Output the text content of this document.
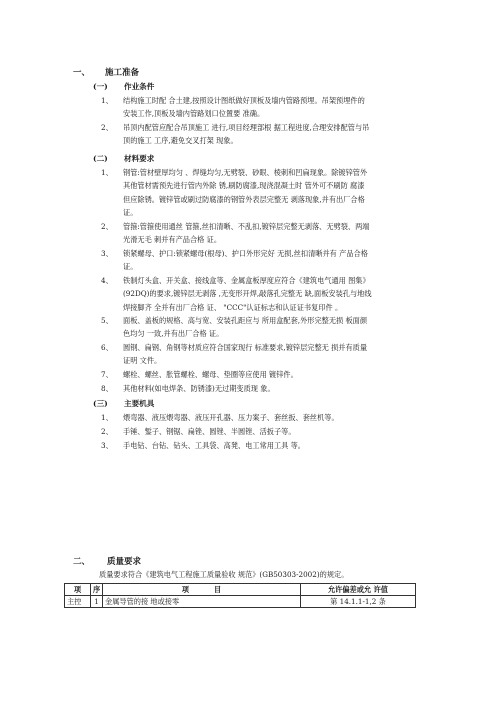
一、 施工准备
(一) 作业条件
1、	结构施工时配 合土建,按照设计图纸做好顶板及墙内管路预埋。吊架预埋件的
安装工作,顶板及墙内管路划口位置要 准确。
2、	吊顶内配管应配合吊顶施工 进行,项目经理部根 据工程进度,合理安排配管与吊
顶的施工 工序,避免交叉打架 现象。
(二) 材料要求
1、	钢管:管材壁厚均匀 、焊缝均匀,无劈裂、砂眼、棱刺和凹扁现象。除镀锌管外
其他管材需预先进行管内外除 锈,刷防腐漆,现浇混凝土时 管外可不刷防 腐漆
但应除锈。镀锌管或刷过防腐漆的钢管外表层完整无 剥落现象,并有出厂合格
证。
2、	管箍:管箍使用通丝 管箍,丝扣清晰、不乱扣,镀锌层完整无剥落、无劈裂、两端
光滑无毛 刺并有产品合格 证。
3、	锁紧螺母、护口:锁紧螺母(根母)、护口外形完好 无损,丝扣清晰并有 产品合格
证。
4、	铁制灯头盒、开关盒、接线盒等、金属盒板厚度应符合《建筑电气通用 图集》
(92DQ)的要求,镀锌层无剥落 ,无变形开焊,敲落孔完整无 缺,面板安装孔与地线
焊接脚齐 全并有出厂合格 证、 "CCC"认证标志和认证证书复印件 。
5、	面板、盖板的规格、高与宽、安装孔距应与 所用盒配套,外形完整无损 板面颜
色均匀 一致,并有出厂合格 证。
6、	圆钢、扁钢、角钢等材质应符合国家现行 标准要求,镀锌层完整无 损并有质量
证明 文件。
7、	螺栓、螺丝、胀管螺栓、螺母、垫圈等应使用 镀锌件。
8、	其他材料(如电焊条、防锈漆)无过期变质现 象。
(三) 主要机具
1、	煨弯器、液压煨弯器、液压开孔器、压力案子、套丝扳、套丝机等。
2、	手锤、錾子、钢锯、扁锉、圆锉、半圆锉、活扳子等。
3、	手电钻、台钻、钻头、工具袋、高凳、电工常用工具 等。
二、 质量要求
质量要求符合《建筑电气工程施工质量验收 规范》(GB50303-2002)的规定。
项	序	项          目	允许偏差或允 许值
主控	1	金属导管的接 地或接零	第 14.1.1-1,2 条
